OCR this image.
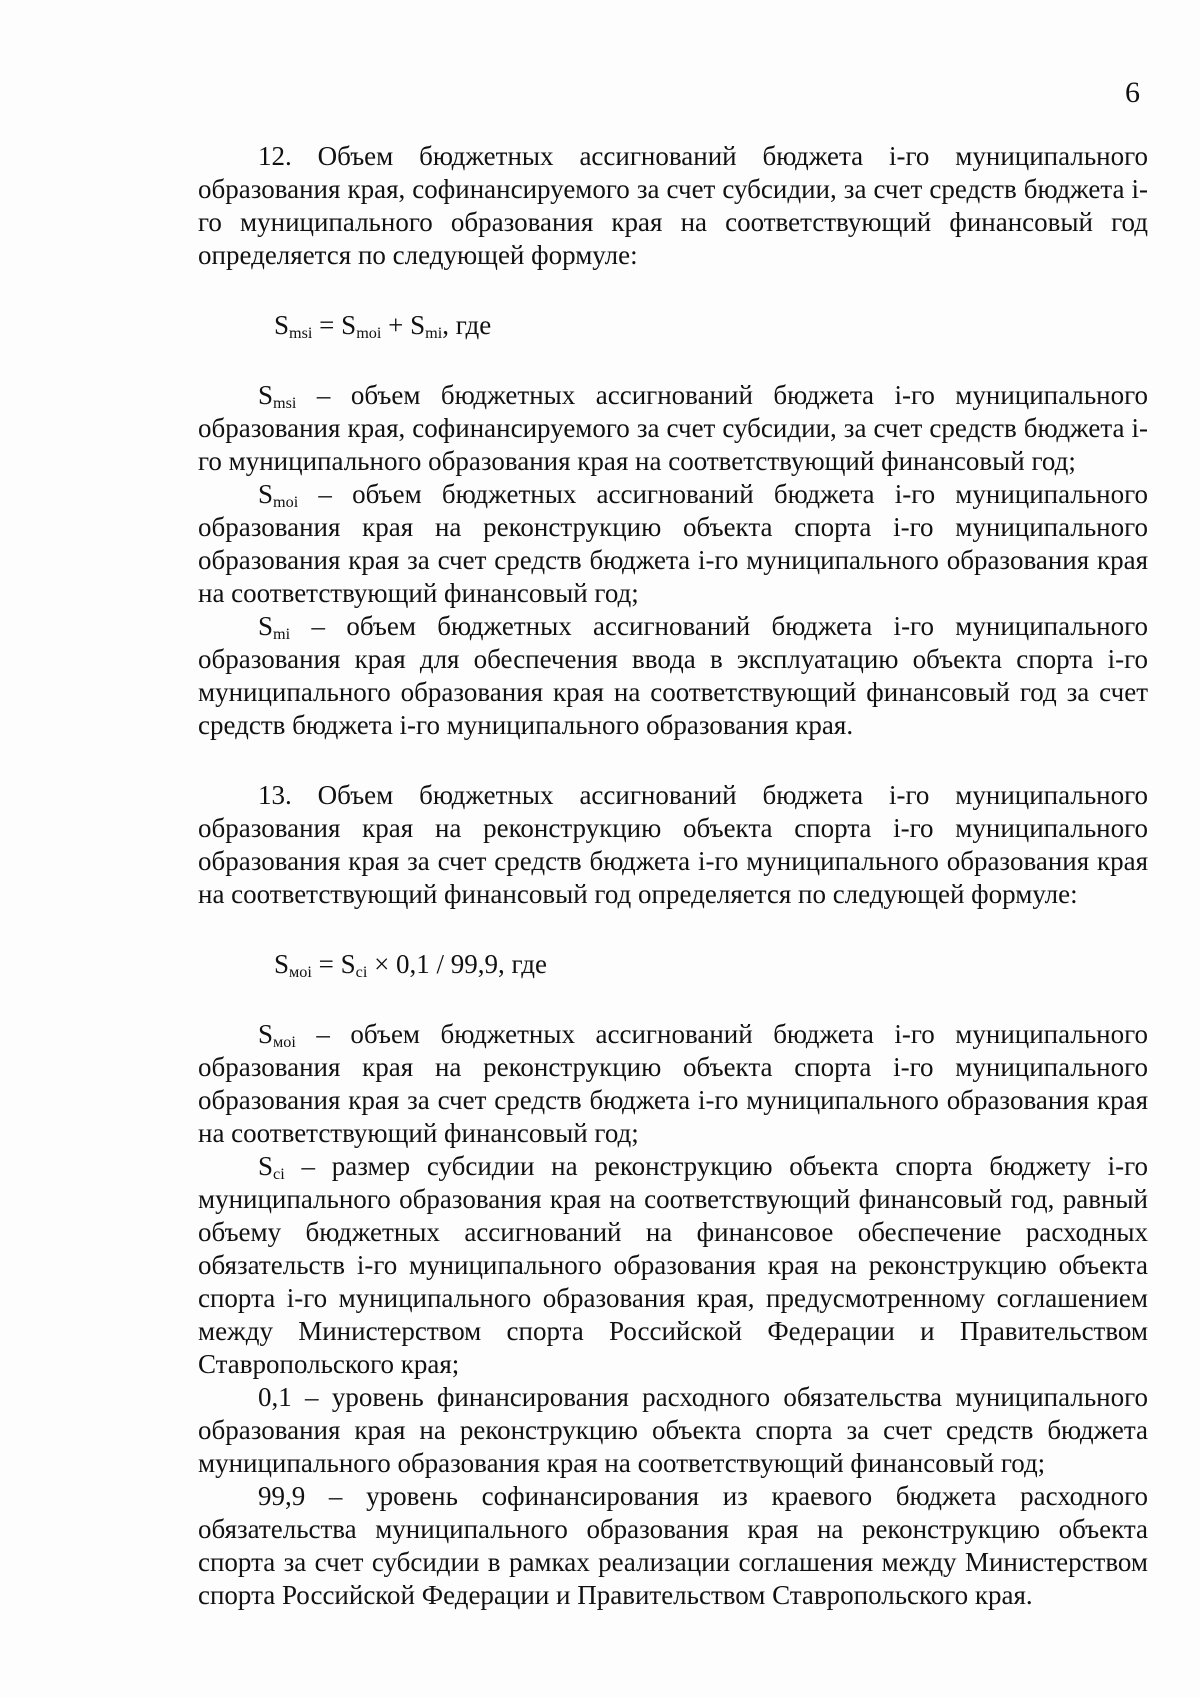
6

12. Объем бюджетных ассигнований бюджета i-го муниципального образования края, софинансируемого за счет субсидии, за счет средств бюджета i-го муниципального образования края на соответствующий финансовый год определяется по следующей формуле:

$S_{msi} = S_{moi} + S_{mi}$, где

$S_{msi}$ – объем бюджетных ассигнований бюджета i-го муниципального образования края, софинансируемого за счет субсидии, за счет средств бюджета i-го муниципального образования края на соответствующий финансовый год;

$S_{moi}$ – объем бюджетных ассигнований бюджета i-го муниципального образования края на реконструкцию объекта спорта i-го муниципального образования края за счет средств бюджета i-го муниципального образования края на соответствующий финансовый год;

$S_{mi}$ – объем бюджетных ассигнований бюджета i-го муниципального образования края для обеспечения ввода в эксплуатацию объекта спорта i-го муниципального образования края на соответствующий финансовый год за счет средств бюджета i-го муниципального образования края.

13. Объем бюджетных ассигнований бюджета i-го муниципального образования края на реконструкцию объекта спорта i-го муниципального образования края за счет средств бюджета i-го муниципального образования края на соответствующий финансовый год определяется по следующей формуле:

$S_{мoi} = S_{ci} \times 0,1 / 99,9$, где

$S_{мoi}$ – объем бюджетных ассигнований бюджета i-го муниципального образования края на реконструкцию объекта спорта i-го муниципального образования края за счет средств бюджета i-го муниципального образования края на соответствующий финансовый год;

$S_{ci}$ – размер субсидии на реконструкцию объекта спорта бюджету i-го муниципального образования края на соответствующий финансовый год, равный объему бюджетных ассигнований на финансовое обеспечение расходных обязательств i-го муниципального образования края на реконструкцию объекта спорта i-го муниципального образования края, предусмотренному соглашением между Министерством спорта Российской Федерации и Правительством Ставропольского края;

0,1 – уровень финансирования расходного обязательства муниципального образования края на реконструкцию объекта спорта за счет средств бюджета муниципального образования края на соответствующий финансовый год;

99,9 – уровень софинансирования из краевого бюджета расходного обязательства муниципального образования края на реконструкцию объекта спорта за счет субсидии в рамках реализации соглашения между Министерством спорта Российской Федерации и Правительством Ставропольского края.
